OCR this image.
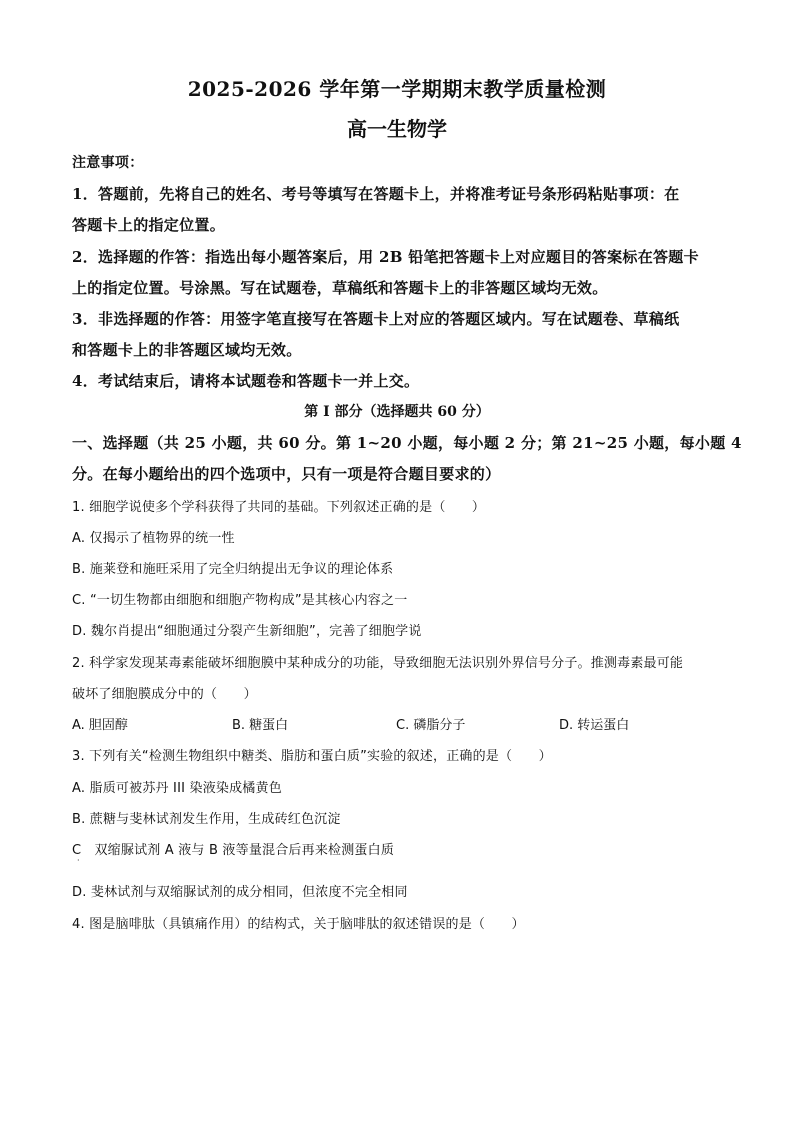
2025-2026 学年第一学期期末教学质量检测
高一生物学
注意事项：
1．答题前，先将自己的姓名、考号等填写在答题卡上，并将准考证号条形码粘贴事项：在
答题卡上的指定位置。
2．选择题的作答：指选出每小题答案后，用 2B 铅笔把答题卡上对应题目的答案标在答题卡
上的指定位置。号涂黑。写在试题卷，草稿纸和答题卡上的非答题区域均无效。
3．非选择题的作答：用签字笔直接写在答题卡上对应的答题区域内。写在试题卷、草稿纸
和答题卡上的非答题区域均无效。
4．考试结束后，请将本试题卷和答题卡一并上交。
第 I 部分（选择题共 60 分）
一、选择题（共 25 小题，共 60 分。第 1~20 小题，每小题 2 分；第 21~25 小题，每小题 4
分。在每小题给出的四个选项中，只有一项是符合题目要求的）
1. 细胞学说使多个学科获得了共同的基础。下列叙述正确的是（　　）
A. 仅揭示了植物界的统一性
B. 施莱登和施旺采用了完全归纳提出无争议的理论体系
C. “一切生物都由细胞和细胞产物构成”是其核心内容之一
D. 魏尔肖提出“细胞通过分裂产生新细胞”，完善了细胞学说
2. 科学家发现某毒素能破坏细胞膜中某种成分的功能，导致细胞无法识别外界信号分子。推测毒素最可能
破坏了细胞膜成分中的（　　）
A. 胆固醇	B. 糖蛋白	C. 磷脂分子	D. 转运蛋白
3. 下列有关“检测生物组织中糖类、脂肪和蛋白质”实验的叙述，正确的是（　　）
A. 脂质可被苏丹 III 染液染成橘黄色
B. 蔗糖与斐林试剂发生作用，生成砖红色沉淀
C　双缩脲试剂 A 液与 B 液等量混合后再来检测蛋白质
·
D. 斐林试剂与双缩脲试剂的成分相同，但浓度不完全相同
4. 图是脑啡肽（具镇痛作用）的结构式，关于脑啡肽的叙述错误的是（　　）
